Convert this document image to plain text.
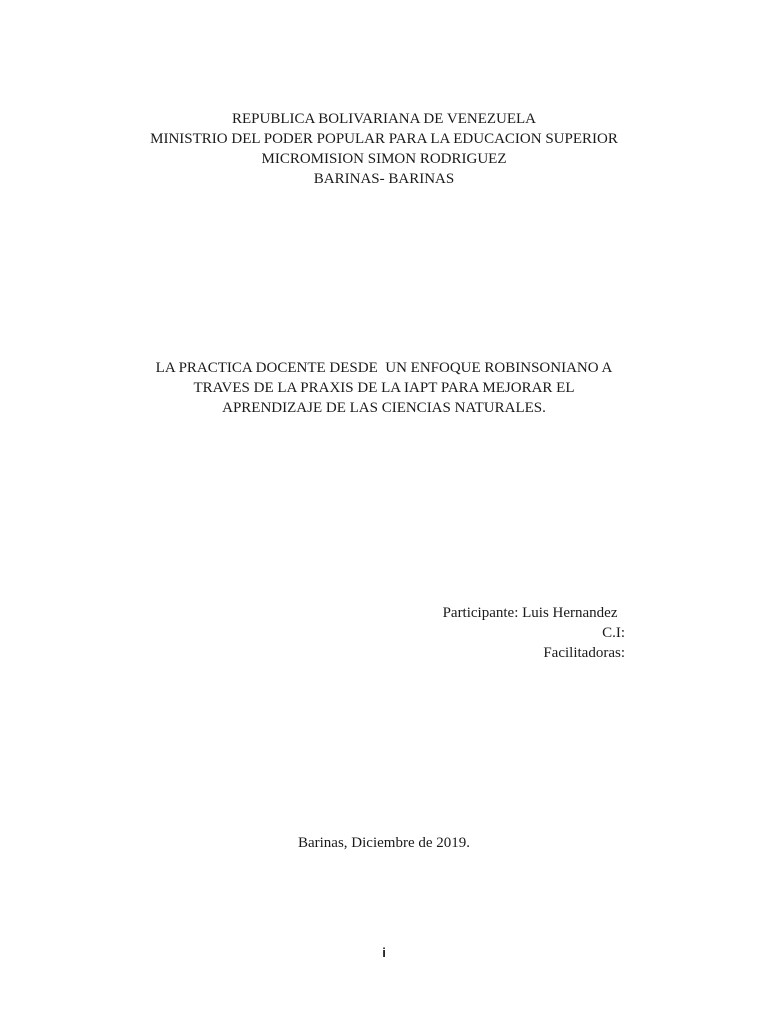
REPUBLICA BOLIVARIANA DE VENEZUELA
MINISTRIO DEL PODER POPULAR PARA LA EDUCACION SUPERIOR
MICROMISION SIMON RODRIGUEZ
BARINAS- BARINAS
LA PRACTICA DOCENTE DESDE  UN ENFOQUE ROBINSONIANO A
TRAVES DE LA PRAXIS DE LA IAPT PARA MEJORAR EL
APRENDIZAJE DE LAS CIENCIAS NATURALES.
Participante: Luis Hernandez
C.I:
Facilitadoras:
Barinas, Diciembre de 2019.
i
